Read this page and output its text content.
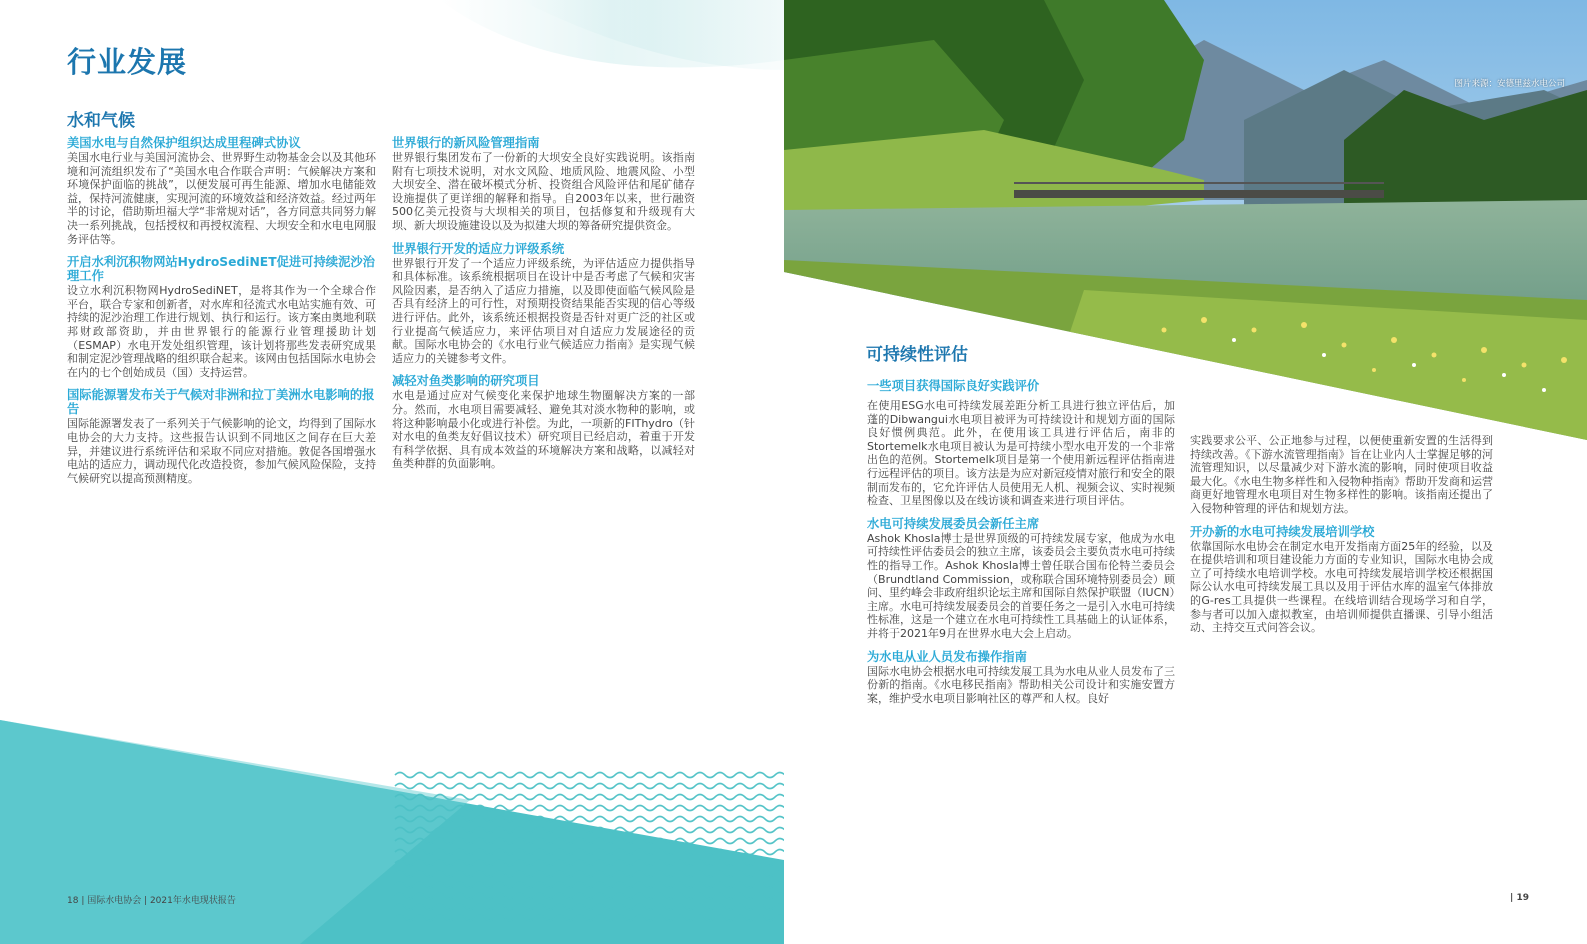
行业发展
水和气候
美国水电与自然保护组织达成里程碑式协议
美国水电行业与美国河流协会、世界野生动物基金会以及其他环境和河流组织发布了“美国水电合作联合声明：气候解决方案和环境保护面临的挑战”，以便发展可再生能源、增加水电储能效益，保持河流健康，实现河流的环境效益和经济效益。经过两年半的讨论，借助斯坦福大学“非常规对话”，各方同意共同努力解决一系列挑战，包括授权和再授权流程、大坝安全和水电电网服务评估等。
开启水利沉积物网站HydroSediNET促进可持续泥沙治理工作
设立水利沉积物网HydroSediNET，是将其作为一个全球合作平台，联合专家和创新者，对水库和径流式水电站实施有效、可持续的泥沙治理工作进行规划、执行和运行。该方案由奥地利联邦财政部资助，并由世界银行的能源行业管理援助计划（ESMAP）水电开发处组织管理，该计划将那些发表研究成果和制定泥沙管理战略的组织联合起来。该网由包括国际水电协会在内的七个创始成员（国）支持运营。
国际能源署发布关于气候对非洲和拉丁美洲水电影响的报告
国际能源署发表了一系列关于气候影响的论文，均得到了国际水电协会的大力支持。这些报告认识到不同地区之间存在巨大差异，并建议进行系统评估和采取不同应对措施。敦促各国增强水电站的适应力，调动现代化改造投资，参加气候风险保险，支持气候研究以提高预测精度。
世界银行的新风险管理指南
世界银行集团发布了一份新的大坝安全良好实践说明。该指南附有七项技术说明，对水文风险、地质风险、地震风险、小型大坝安全、潜在破坏模式分析、投资组合风险评估和尾矿储存设施提供了更详细的解释和指导。自2003年以来，世行融资500亿美元投资与大坝相关的项目，包括修复和升级现有大坝、新大坝设施建设以及为拟建大坝的筹备研究提供资金。
世界银行开发的适应力评级系统
世界银行开发了一个适应力评级系统，为评估适应力提供指导和具体标准。该系统根据项目在设计中是否考虑了气候和灾害风险因素，是否纳入了适应力措施，以及即使面临气候风险是否具有经济上的可行性，对预期投资结果能否实现的信心等级进行评估。此外，该系统还根据投资是否针对更广泛的社区或行业提高气候适应力，来评估项目对自适应力发展途径的贡献。国际水电协会的《水电行业气候适应力指南》是实现气候适应力的关键参考文件。
减轻对鱼类影响的研究项目
水电是通过应对气候变化来保护地球生物圈解决方案的一部分。然而，水电项目需要减轻、避免其对淡水物种的影响，或将这种影响最小化或进行补偿。为此，一项新的FIThydro（针对水电的鱼类友好倡议技术）研究项目已经启动，着重于开发有科学依据、具有成本效益的环境解决方案和战略，以减轻对鱼类种群的负面影响。
18 | 国际水电协会 | 2021年水电现状报告
图片来源：安德里兹水电公司
可持续性评估
一些项目获得国际良好实践评价
在使用ESG水电可持续发展差距分析工具进行独立评估后，加蓬的Dibwangui水电项目被评为可持续设计和规划方面的国际良好惯例典范。此外，在使用该工具进行评估后，南非的Stortemelk水电项目被认为是可持续小型水电开发的一个非常出色的范例。Stortemelk项目是第一个使用新远程评估指南进行远程评估的项目。该方法是为应对新冠疫情对旅行和安全的限制而发布的，它允许评估人员使用无人机、视频会议、实时视频检查、卫星图像以及在线访谈和调查来进行项目评估。
水电可持续发展委员会新任主席
Ashok Khosla博士是世界顶级的可持续发展专家，他成为水电可持续性评估委员会的独立主席，该委员会主要负责水电可持续性的指导工作。Ashok Khosla博士曾任联合国布伦特兰委员会（Brundtland Commission，或称联合国环境特别委员会）顾问、里约峰会非政府组织论坛主席和国际自然保护联盟（IUCN）主席。水电可持续发展委员会的首要任务之一是引入水电可持续性标准，这是一个建立在水电可持续性工具基础上的认证体系，并将于2021年9月在世界水电大会上启动。
为水电从业人员发布操作指南
国际水电协会根据水电可持续发展工具为水电从业人员发布了三份新的指南。《水电移民指南》帮助相关公司设计和实施安置方案，维护受水电项目影响社区的尊严和人权。良好
实践要求公平、公正地参与过程，以便使重新安置的生活得到持续改善。《下游水流管理指南》旨在让业内人士掌握足够的河流管理知识，以尽量减少对下游水流的影响，同时使项目收益最大化。《水电生物多样性和入侵物种指南》帮助开发商和运营商更好地管理水电项目对生物多样性的影响。该指南还提出了入侵物种管理的评估和规划方法。
开办新的水电可持续发展培训学校
依靠国际水电协会在制定水电开发指南方面25年的经验，以及在提供培训和项目建设能力方面的专业知识，国际水电协会成立了可持续水电培训学校。水电可持续发展培训学校还根据国际公认水电可持续发展工具以及用于评估水库的温室气体排放的G-res工具提供一些课程。在线培训结合现场学习和自学，参与者可以加入虚拟教室，由培训师提供直播课、引导小组活动、主持交互式问答会议。
| 19
